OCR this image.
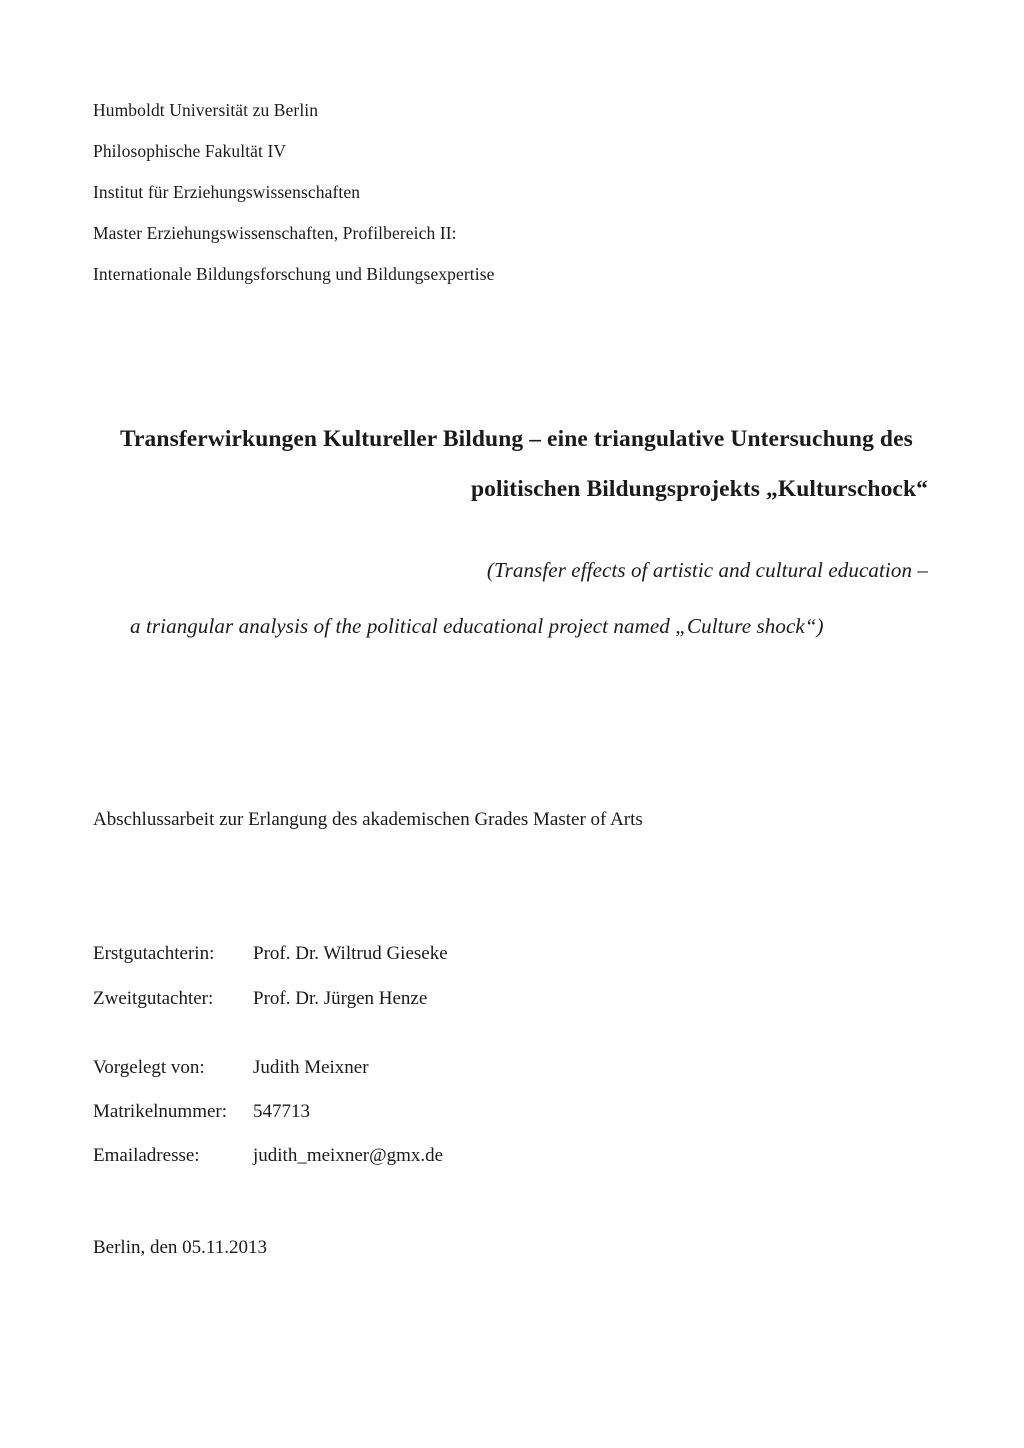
Humboldt Universität zu Berlin
Philosophische Fakultät IV
Institut für Erziehungswissenschaften
Master Erziehungswissenschaften, Profilbereich II:
Internationale Bildungsforschung und Bildungsexpertise
Transferwirkungen Kultureller Bildung – eine triangulative Untersuchung des
politischen Bildungsprojekts „Kulturschock“
(Transfer effects of artistic and cultural education –
a triangular analysis of the political educational project named „Culture shock“)
Abschlussarbeit zur Erlangung des akademischen Grades Master of Arts
Erstgutachterin:	Prof. Dr. Wiltrud Gieseke
Zweitgutachter:	Prof. Dr. Jürgen Henze
Vorgelegt von:	Judith Meixner
Matrikelnummer:	547713
Emailadresse:	judith_meixner@gmx.de
Berlin, den 05.11.2013
